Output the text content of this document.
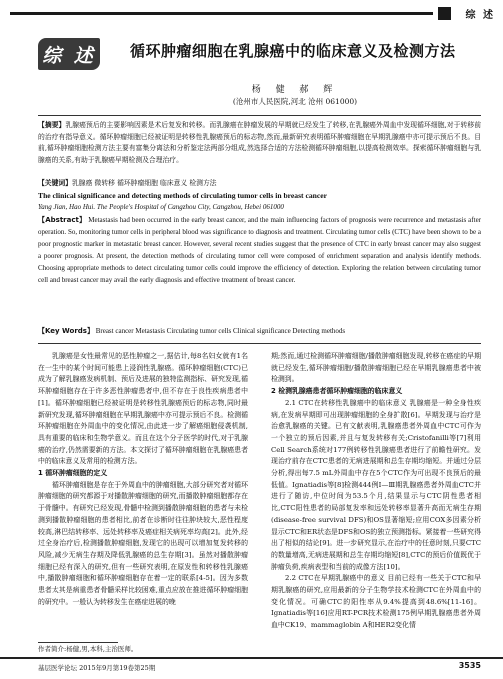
综 述
综 述 循环肿瘤细胞在乳腺癌中的临床意义及检测方法
杨 健 郝 辉
(沧州市人民医院,河北 沧州 061000)
【摘要】乳腺癌预后的主要影响因素是术后复发和转移。而乳腺癌在肿瘤发展的早期就已经发生了转移,在乳腺癌外周血中发现循环细胞,对于转移前的治疗有指导意义。循环肿瘤细胞已经被证明是转移性乳腺癌预后的标志物,然而,最新研究表明循环肿瘤细胞在早期乳腺癌中亦可提示预后不良。目前,循环肿瘤细胞检测方法主要有富集分离法和分析鉴定法两部分组成,然选择合适的方法检测循环肿瘤细胞,以提高检测效率。探索循环肿瘤细胞与乳腺癌的关系,有助于乳腺癌早期检测及合理治疗。
【关键词】乳腺癌 微转移 循环肿瘤细胞 临床意义 检测方法
The clinical significance and detecting methods of circulating tumor cells in breast cancer
Yang Jian, Hao Hui. The People's Hospital of Cangzhou City, Cangzhou, Hebei 061000
【Abstract】 Metastasis had been occurred in the early breast cancer, and the main influencing factors of prognosis were recurrence and metastasis after operation. So, monitoring tumor cells in peripheral blood was significance to diagnosis and treatment. Circulating tumor cells (CTC) have been shown to be a poor prognostic marker in metastatic breast cancer. However, several recent studies suggest that the presence of CTC in early breast cancer may also suggest a poorer prognosis. At present, the detection methods of circulating tumor cell were composed of enrichment separation and analysis identify methods. Choosing appropriate methods to detect circulating tumor cells could improve the efficiency of detection. Exploring the relation between circulating tumor cell and breast cancer may avail the early diagnosis and effective treatment of breast cancer.
【Key Words】 Breast cancer Metastasis Circulating tumor cells Clinical significance Detecting methods

乳腺癌是女性最常见的恶性肿瘤之一,据估计,每8名妇女就有1名在一生中的某个时间可能患上浸润性乳腺癌。循环肿瘤细胞(CTC)已成为了解乳腺癌发病机制、预后及进展的独特监测指标、研究发现,循环肿瘤细胞存在于许多恶性肿瘤患者中,但不存在于良性疾病患者中[1]。循环肿瘤细胞已经被证明是转移性乳腺癌预后的标志物,同时最新研究发现,循环肿瘤细胞在早期乳腺癌中亦可提示预后不良。检测循环肿瘤细胞在外周血中的变化情况,由此进一步了解癌细胞侵袭机制,具有重要的临床和生物学意义。而且在这个分子医学的时代,对于乳腺癌的治疗,仍然需要新的方法。本文探讨了循环肿瘤细胞在乳腺癌患者中的临床意义及常用的检测方法。

1 循环肿瘤细胞的定义

循环肿瘤细胞是存在于外周血中的肿瘤细胞,大部分研究者对循环肿瘤细胞的研究都源于对播散肿瘤细胞的研究,而播散肿瘤细胞都存在于骨髓中。有研究已经发现,骨髓中检测到播散肿瘤细胞的患者与未检测到播散肿瘤细胞的患者相比,前者在诊断时往往肿块较大,恶性程度较高,淋巴结转移率、远处转移率及癌症相关病死率均高[2]。此外,经过全身治疗后,检测播散肿瘤细胞,发现它的出现可以增加复发转移的风险,减少无病生存期及降低乳腺癌的总生存期[3]。虽然对播散肿瘤细胞已经有深入的研究,但有一些研究表明,在原发性和转移性乳腺癌中,播散肿瘤细胞和循环肿瘤细胞存在着一定的联系[4-5]。因为多数患者太其是病重患者骨髓采样比较困难,重点应放在推进循环肿瘤细胞的研究中。一般认为转移发生在癌症进展的晚

期;然而,通过检测循环肿瘤细胞/播散肿瘤细胞发现,转移在癌症的早期就已经发生,循环肿瘤细胞/播散肿瘤细胞已经在早期乳腺癌患者中被检测到。

2 检测乳腺癌患者循环肿瘤细胞的临床意义

2.1 CTC在转移性乳腺癌中的临床意义 乳腺癌是一种全身性疾病,在发病早期即可出现肿瘤细胞的全身扩散[6]。早期发现与治疗是治愈乳腺癌的关键。已有文献表明,乳腺癌患者外周血中CTC可作为一个独立的预后因素,并且与复发转移有关;Cristofanilli等[7]利用Cell Search系统对177例转移性乳腺癌患者进行了前瞻性研究。发现治疗前存在CTC患者的无病进展期和总生存期均缩短。并通过分层分析,得出每7.5 mL外周血中存在5个CTC作为可出现不良预后的最低值。Ignatiadis等[8]检测444例Ⅰ—Ⅲ期乳腺癌患者外周血CTC并进行了随访,中位时间为53.5个月,结果显示与CTC阴性患者相比,CTC阳性患者的局部复发率和远处转移率显著升高而无病生存期(disease-free survival DFS)和OS显著缩短;应用COX多因素分析显示CTC和ER状态是DFS和OS的独立预测指标。紧接着一些研究得出了相似的结论[9]。进一步研究显示,在治疗中的任意时刻,只要CTC的数量增高,无病进展期和总生存期均缩短[8],CTC的预后价值既优于肿瘤负荷,疾病表型和当前的成像方法[10]。

2.2 CTC在早期乳腺癌中的意义 目前已经有一些关于CTC和早期乳腺癌的研究,应用最新的分子生物学技术检测CTC在外周血中的变化情况。可确CTC的阳性率从9.4%提高到48.6%[11-16]。Ignatiadis等[16]应用RT-PCR技术检测175例早期乳腺癌患者外周血中CK19、mammaglobin A和HER2变化情

作者简介:杨健,男,本科,主治医师。
基层医学论坛 2015年9月第19卷第25期	3535
